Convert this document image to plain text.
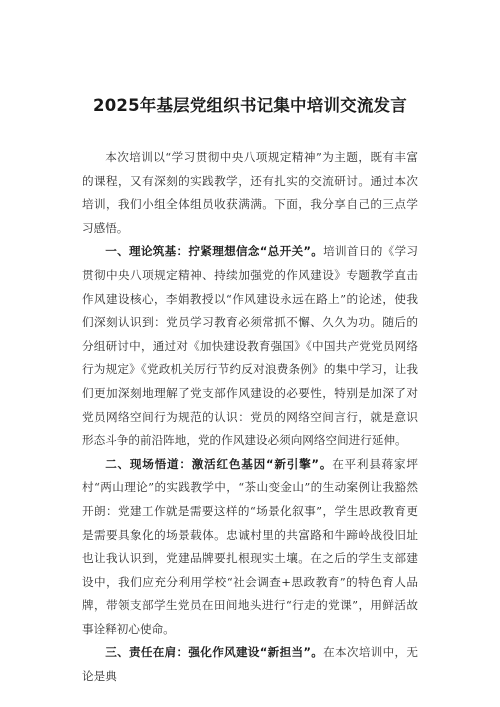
2025年基层党组织书记集中培训交流发言

本次培训以“学习贯彻中央八项规定精神”为主题，既有丰富的课程，又有深刻的实践教学，还有扎实的交流研讨。通过本次培训，我们小组全体组员收获满满。下面，我分享自己的三点学习感悟。

一、理论筑基：拧紧理想信念“总开关”。培训首日的《学习贯彻中央八项规定精神、持续加强党的作风建设》专题教学直击作风建设核心，李娟教授以“作风建设永远在路上”的论述，使我们深刻认识到：党员学习教育必须常抓不懈、久久为功。随后的分组研讨中，通过对《加快建设教育强国》《中国共产党党员网络行为规定》《党政机关厉行节约反对浪费条例》的集中学习，让我们更加深刻地理解了党支部作风建设的必要性，特别是加深了对党员网络空间行为规范的认识：党员的网络空间言行，就是意识形态斗争的前沿阵地，党的作风建设必须向网络空间进行延伸。

二、现场悟道：激活红色基因“新引擎”。在平利县蒋家坪村“两山理论”的实践教学中，“茶山变金山”的生动案例让我豁然开朗：党建工作就是需要这样的“场景化叙事”，学生思政教育更是需要具象化的场景载体。忠诚村里的共富路和牛蹄岭战役旧址也让我认识到，党建品牌要扎根现实土壤。在之后的学生支部建设中，我们应充分利用学校“社会调查+思政教育”的特色育人品牌，带领支部学生党员在田间地头进行“行走的党课”，用鲜活故事诠释初心使命。

三、责任在肩：强化作风建设“新担当”。在本次培训中，无论是典
